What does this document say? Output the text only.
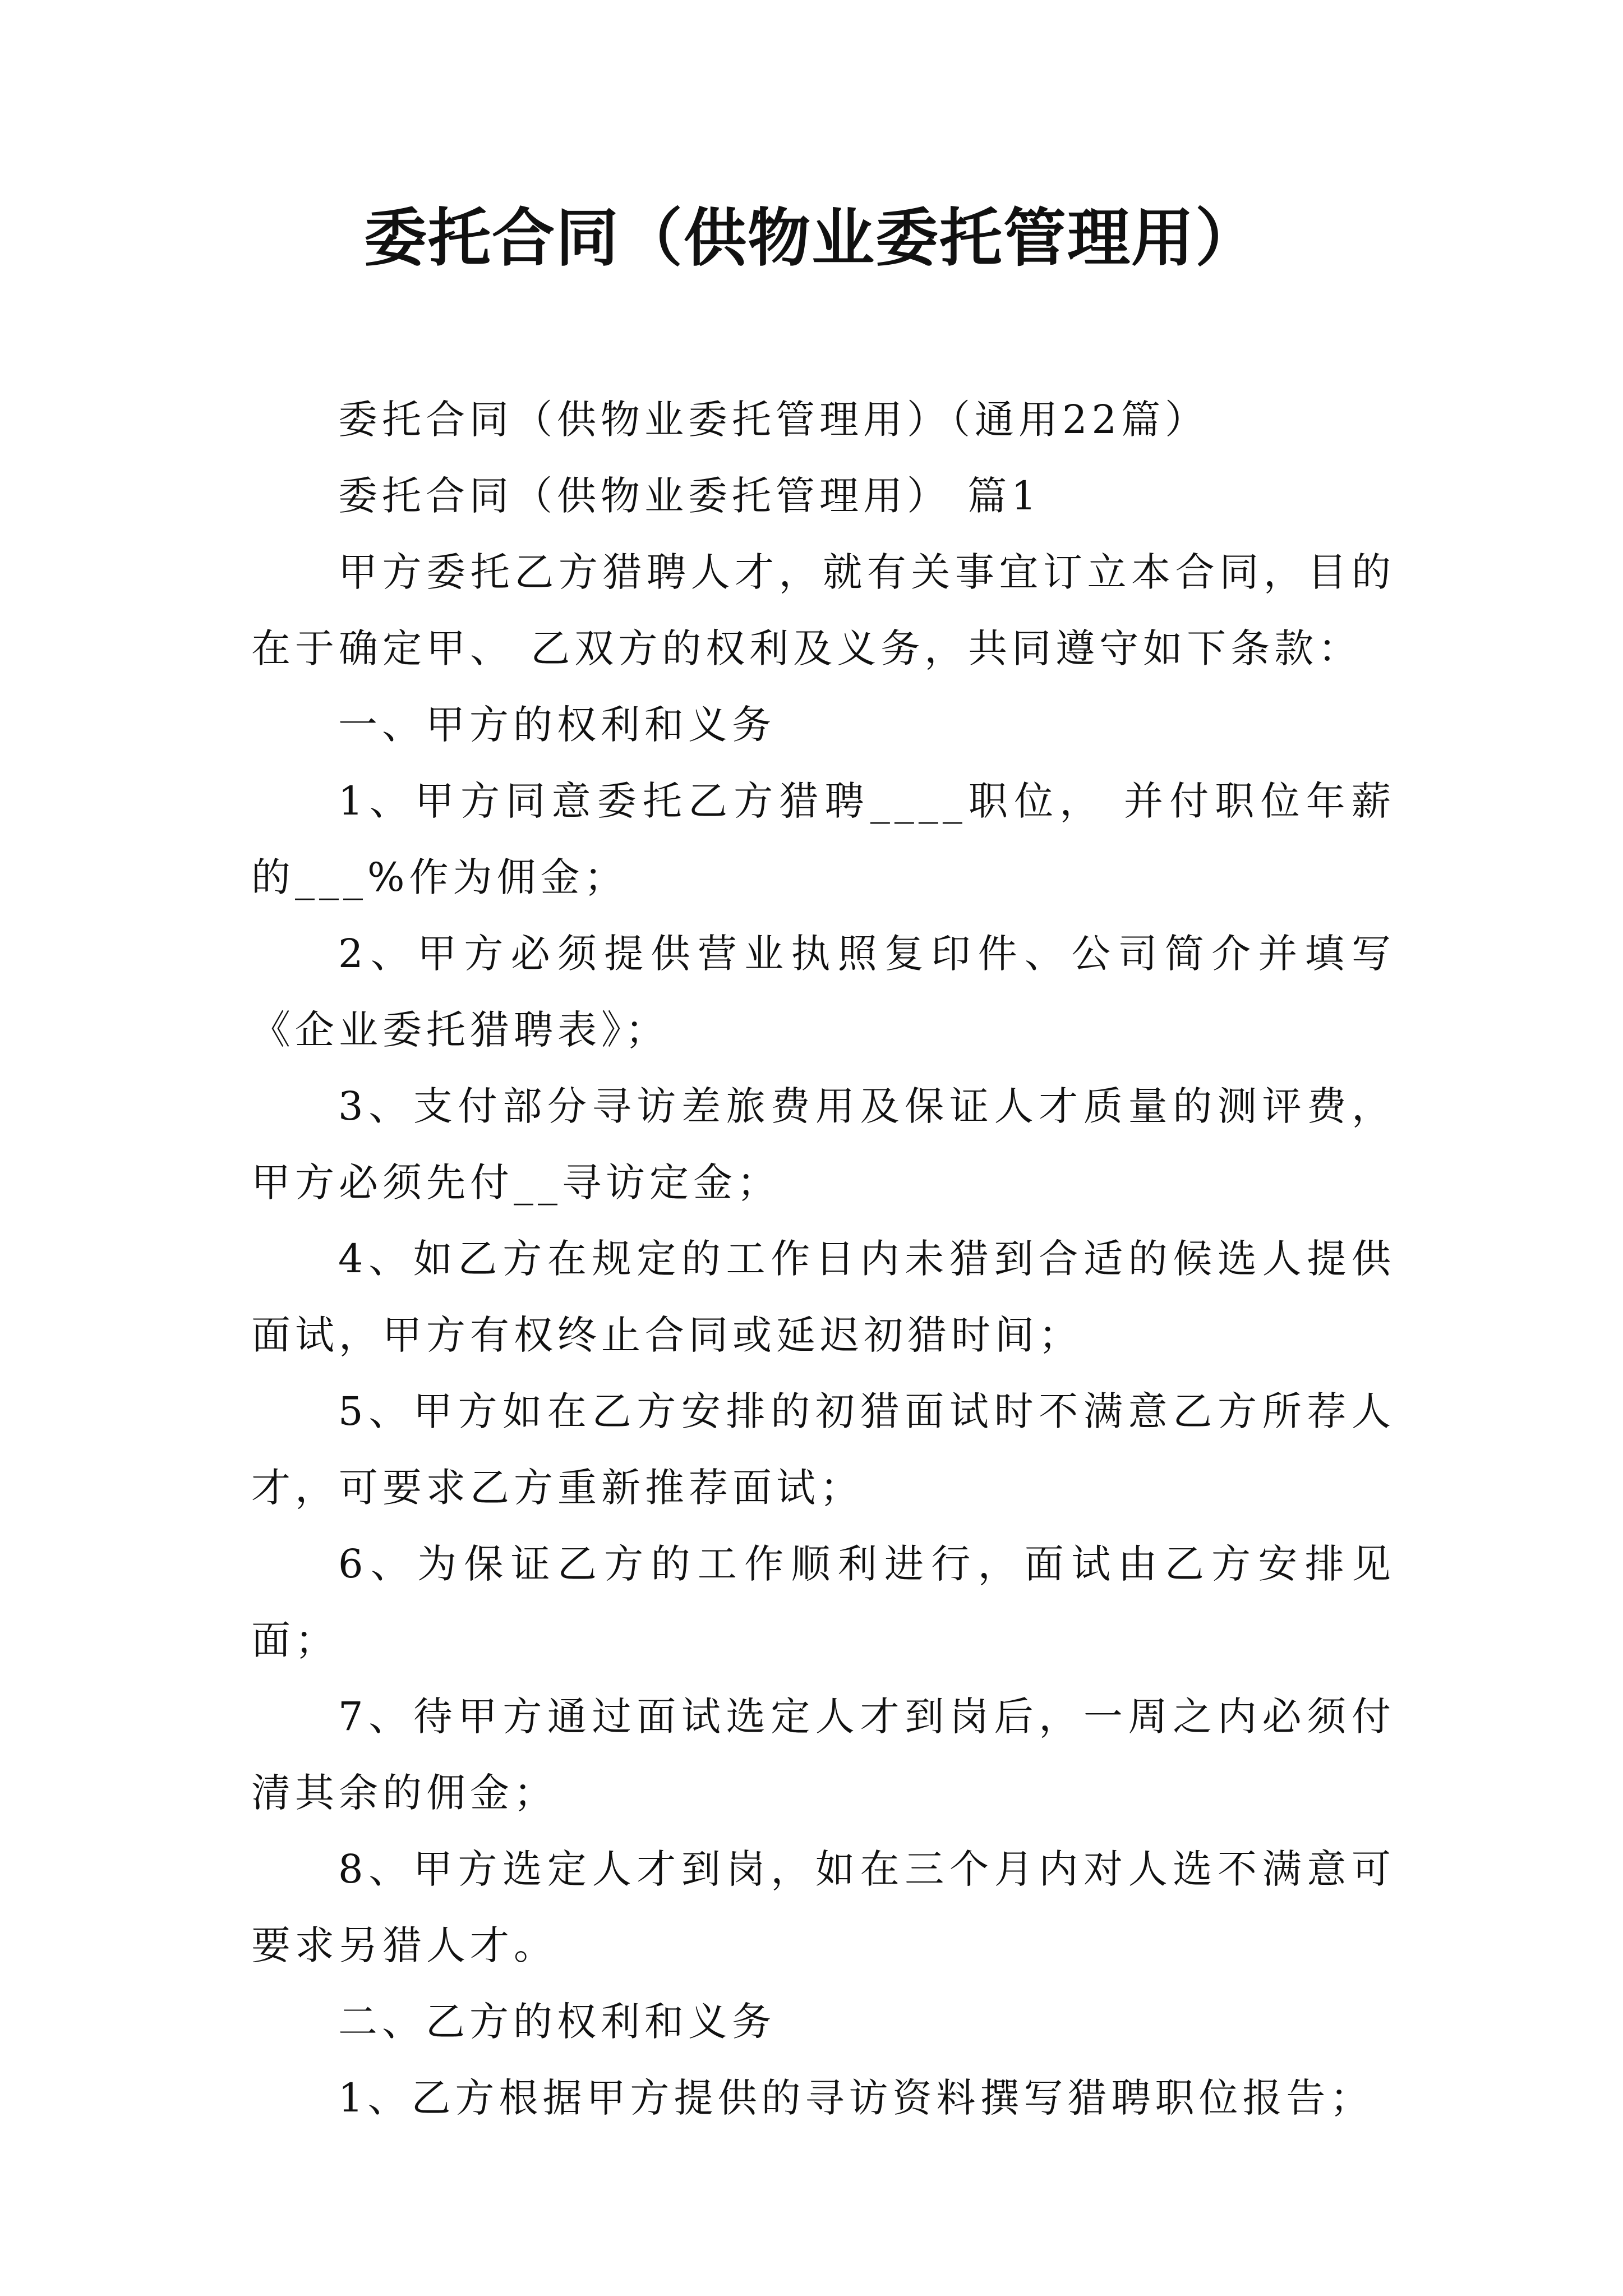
委托合同（供物业委托管理用）

委托合同（供物业委托管理用）（通用22篇）

委托合同（供物业委托管理用） 篇1

甲方委托乙方猎聘人才，就有关事宜订立本合同，目的在于确定甲、 乙双方的权利及义务，共同遵守如下条款：

一、甲方的权利和义务

1、甲方同意委托乙方猎聘____职位， 并付职位年薪的___%作为佣金；

2、甲方必须提供营业执照复印件、公司简介并填写《企业委托猎聘表》；

3、支付部分寻访差旅费用及保证人才质量的测评费，甲方必须先付__寻访定金；

4、如乙方在规定的工作日内未猎到合适的候选人提供面试，甲方有权终止合同或延迟初猎时间；

5、甲方如在乙方安排的初猎面试时不满意乙方所荐人才，可要求乙方重新推荐面试；

6、为保证乙方的工作顺利进行，面试由乙方安排见面；

7、待甲方通过面试选定人才到岗后，一周之内必须付清其余的佣金；

8、甲方选定人才到岗，如在三个月内对人选不满意可要求另猎人才。

二、乙方的权利和义务

1、乙方根据甲方提供的寻访资料撰写猎聘职位报告；
